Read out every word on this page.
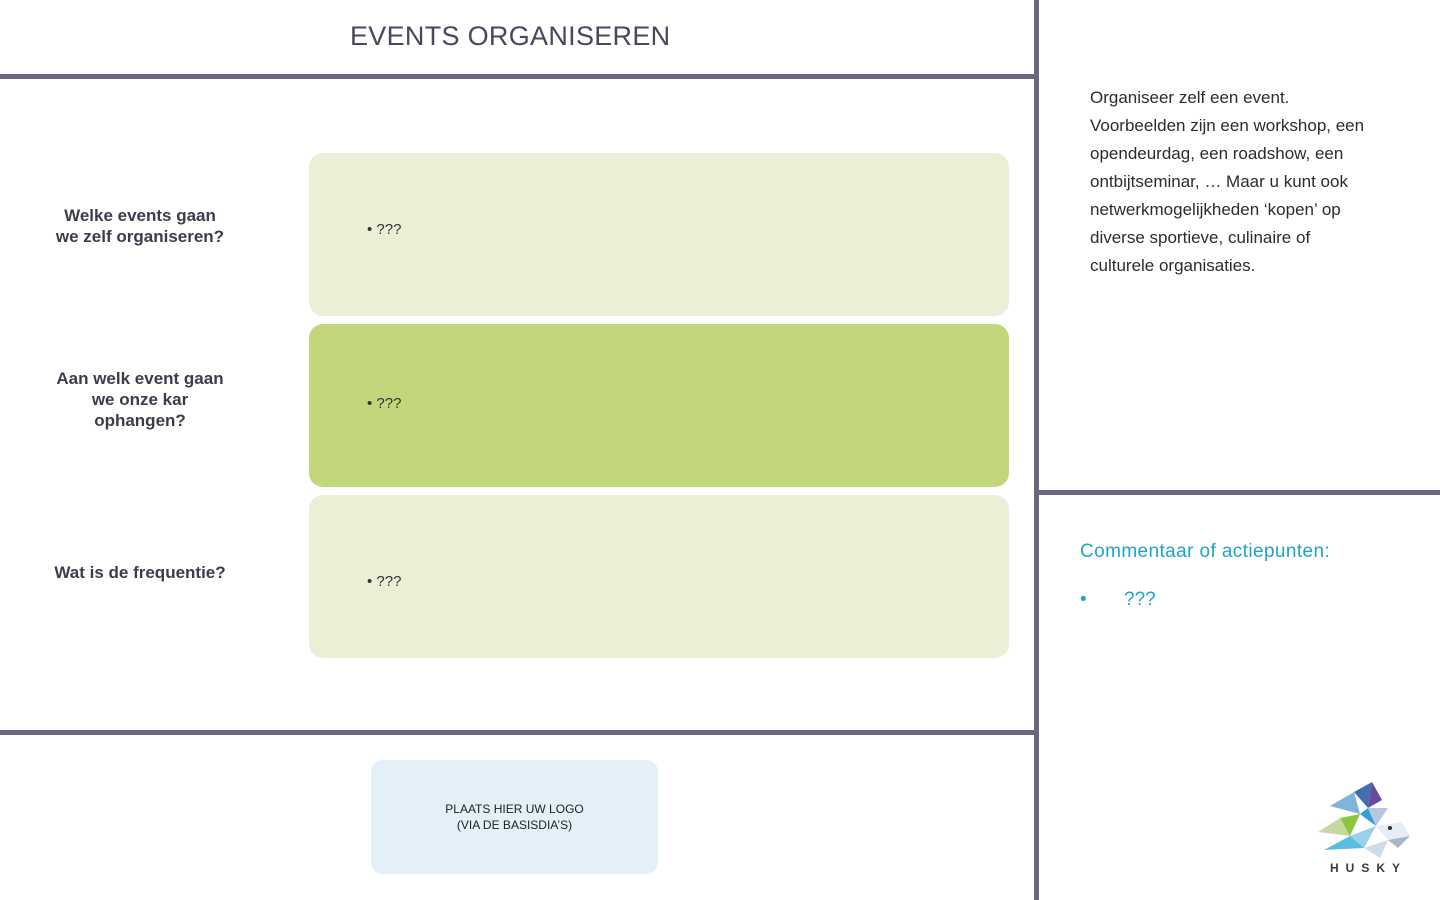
EVENTS ORGANISEREN
Welke events gaan
we zelf organiseren?
Aan welk event gaan
we onze kar
ophangen?
Wat is de frequentie?
• ???
• ???
• ???
Organiseer zelf een event.
Voorbeelden zijn een workshop, een
opendeurdag, een roadshow, een
ontbijtseminar, … Maar u kunt ook
netwerkmogelijkheden ‘kopen’ op
diverse sportieve, culinaire of
culturele organisaties.
Commentaar of actiepunten:
• ???
PLAATS HIER UW LOGO
(VIA DE BASISDIA’S)
HUSKY
